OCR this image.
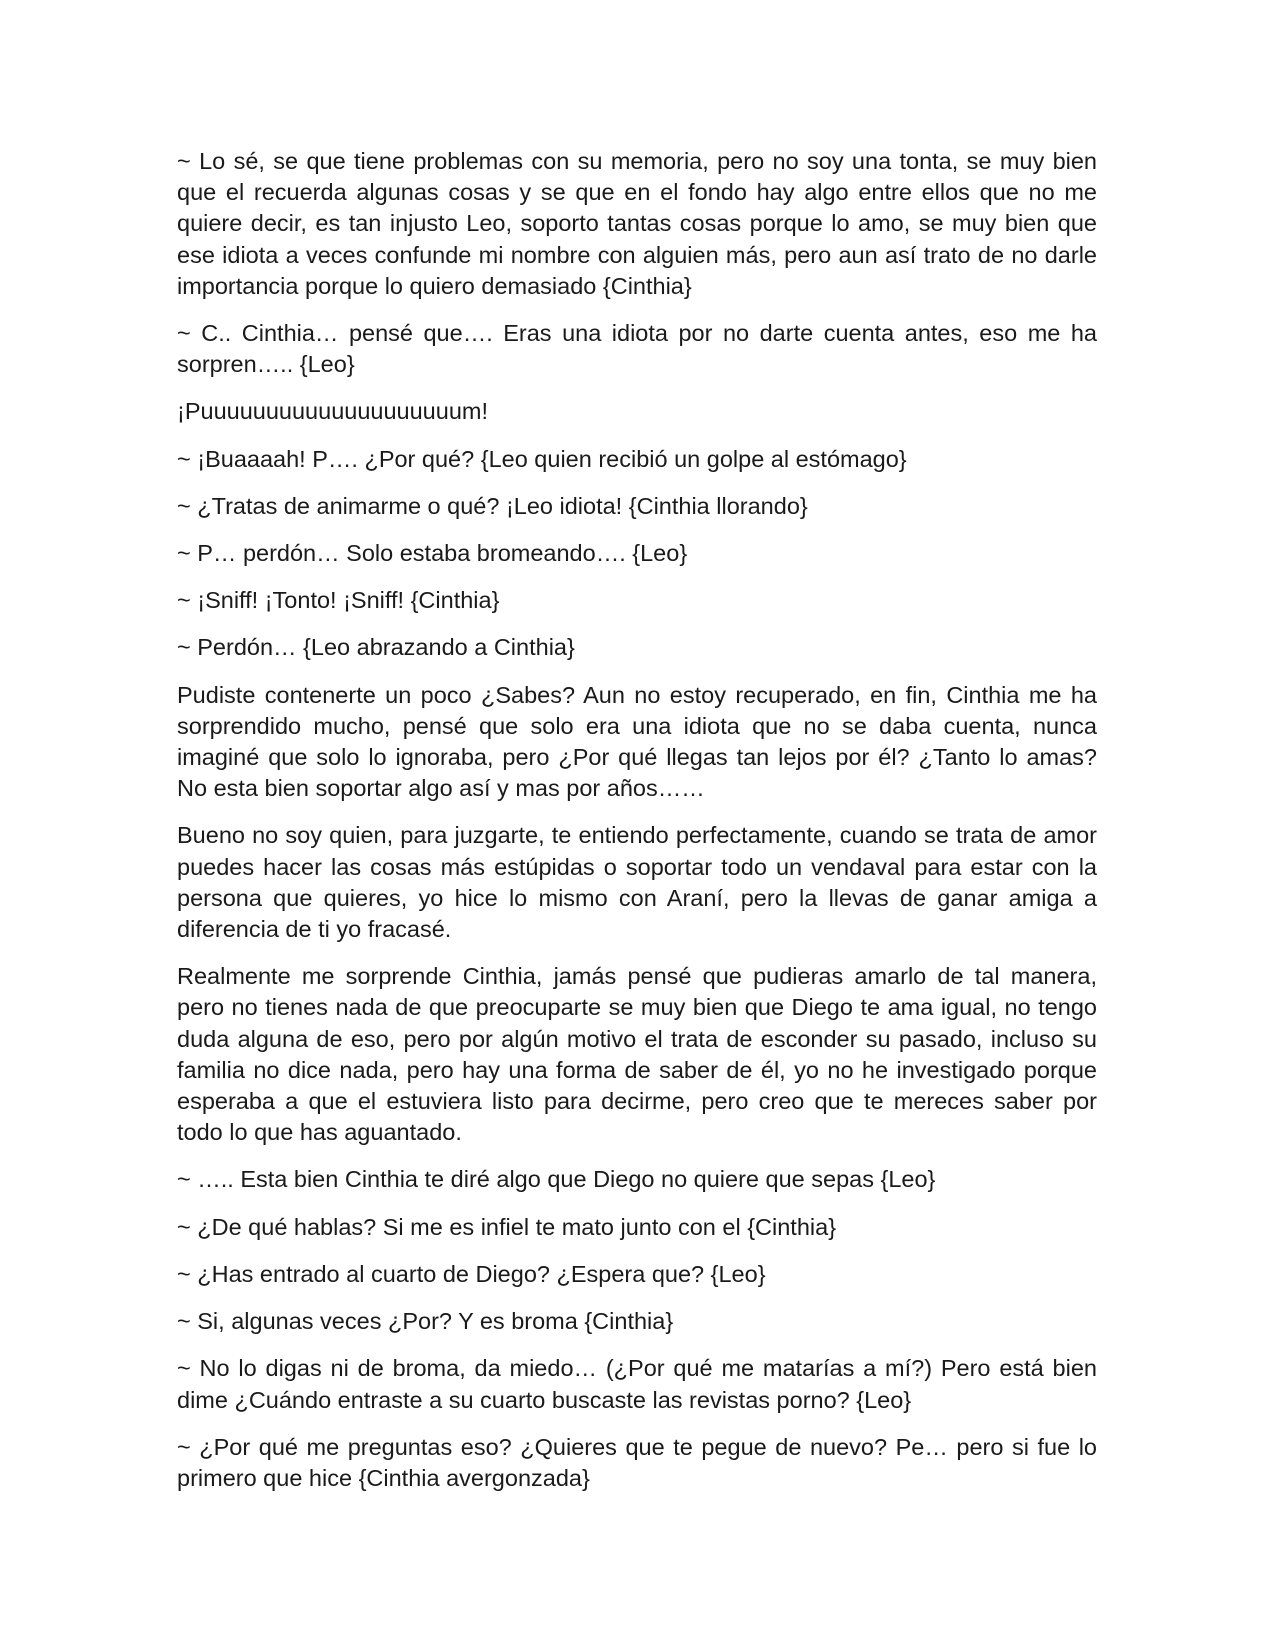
~ Lo sé, se que tiene problemas con su memoria, pero no soy una tonta, se muy bien que el recuerda algunas cosas y se que en el fondo hay algo entre ellos que no me quiere decir, es tan injusto Leo, soporto tantas cosas porque lo amo, se muy bien que ese idiota a veces confunde mi nombre con alguien más, pero aun así trato de no darle importancia porque lo quiero demasiado {Cinthia}

~ C.. Cinthia… pensé que…. Eras una idiota por no darte cuenta antes, eso me ha sorpren….. {Leo}

¡Puuuuuuuuuuuuuuuuuuuum!

~ ¡Buaaaah! P…. ¿Por qué? {Leo quien recibió un golpe al estómago}

~ ¿Tratas de animarme o qué? ¡Leo idiota! {Cinthia llorando}

~ P… perdón… Solo estaba bromeando…. {Leo}

~ ¡Sniff! ¡Tonto! ¡Sniff! {Cinthia}

~ Perdón… {Leo abrazando a Cinthia}

Pudiste contenerte un poco ¿Sabes? Aun no estoy recuperado, en fin, Cinthia me ha sorprendido mucho, pensé que solo era una idiota que no se daba cuenta, nunca imaginé que solo lo ignoraba, pero ¿Por qué llegas tan lejos por él? ¿Tanto lo amas? No esta bien soportar algo así y mas por años……

Bueno no soy quien, para juzgarte, te entiendo perfectamente, cuando se trata de amor puedes hacer las cosas más estúpidas o soportar todo un vendaval para estar con la persona que quieres, yo hice lo mismo con Araní, pero la llevas de ganar amiga a diferencia de ti yo fracasé.

Realmente me sorprende Cinthia, jamás pensé que pudieras amarlo de tal manera, pero no tienes nada de que preocuparte se muy bien que Diego te ama igual, no tengo duda alguna de eso, pero por algún motivo el trata de esconder su pasado, incluso su familia no dice nada, pero hay una forma de saber de él, yo no he investigado porque esperaba a que el estuviera listo para decirme, pero creo que te mereces saber por todo lo que has aguantado.

~ ….. Esta bien Cinthia te diré algo que Diego no quiere que sepas {Leo}

~ ¿De qué hablas? Si me es infiel te mato junto con el {Cinthia}

~ ¿Has entrado al cuarto de Diego? ¿Espera que? {Leo}

~ Si, algunas veces ¿Por? Y es broma {Cinthia}

~ No lo digas ni de broma, da miedo… (¿Por qué me matarías a mí?) Pero está bien dime ¿Cuándo entraste a su cuarto buscaste las revistas porno? {Leo}

~ ¿Por qué me preguntas eso? ¿Quieres que te pegue de nuevo? Pe… pero si fue lo primero que hice {Cinthia avergonzada}
